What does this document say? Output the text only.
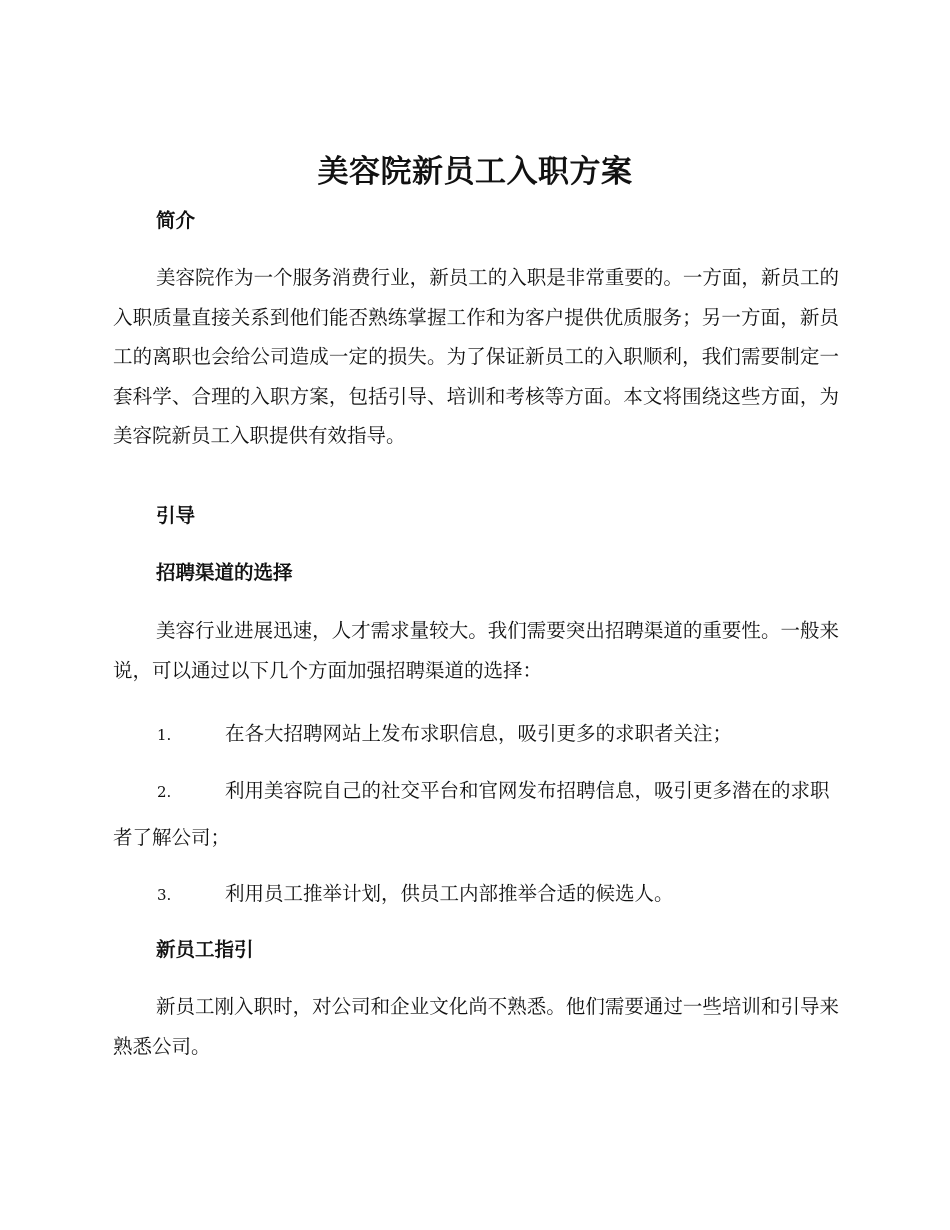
美容院新员工入职方案
简介

美容院作为一个服务消费行业，新员工的入职是非常重要的。一方面，新员工的入职质量直接关系到他们能否熟练掌握工作和为客户提供优质服务；另一方面，新员工的离职也会给公司造成一定的损失。为了保证新员工的入职顺利，我们需要制定一套科学、合理的入职方案，包括引导、培训和考核等方面。本文将围绕这些方面，为美容院新员工入职提供有效指导。

引导
招聘渠道的选择

美容行业进展迅速，人才需求量较大。我们需要突出招聘渠道的重要性。一般来说，可以通过以下几个方面加强招聘渠道的选择：

1.	在各大招聘网站上发布求职信息，吸引更多的求职者关注；

2.	利用美容院自己的社交平台和官网发布招聘信息，吸引更多潜在的求职者了解公司；

3.	利用员工推举计划，供员工内部推举合适的候选人。

新员工指引

新员工刚入职时，对公司和企业文化尚不熟悉。他们需要通过一些培训和引导来熟悉公司。
